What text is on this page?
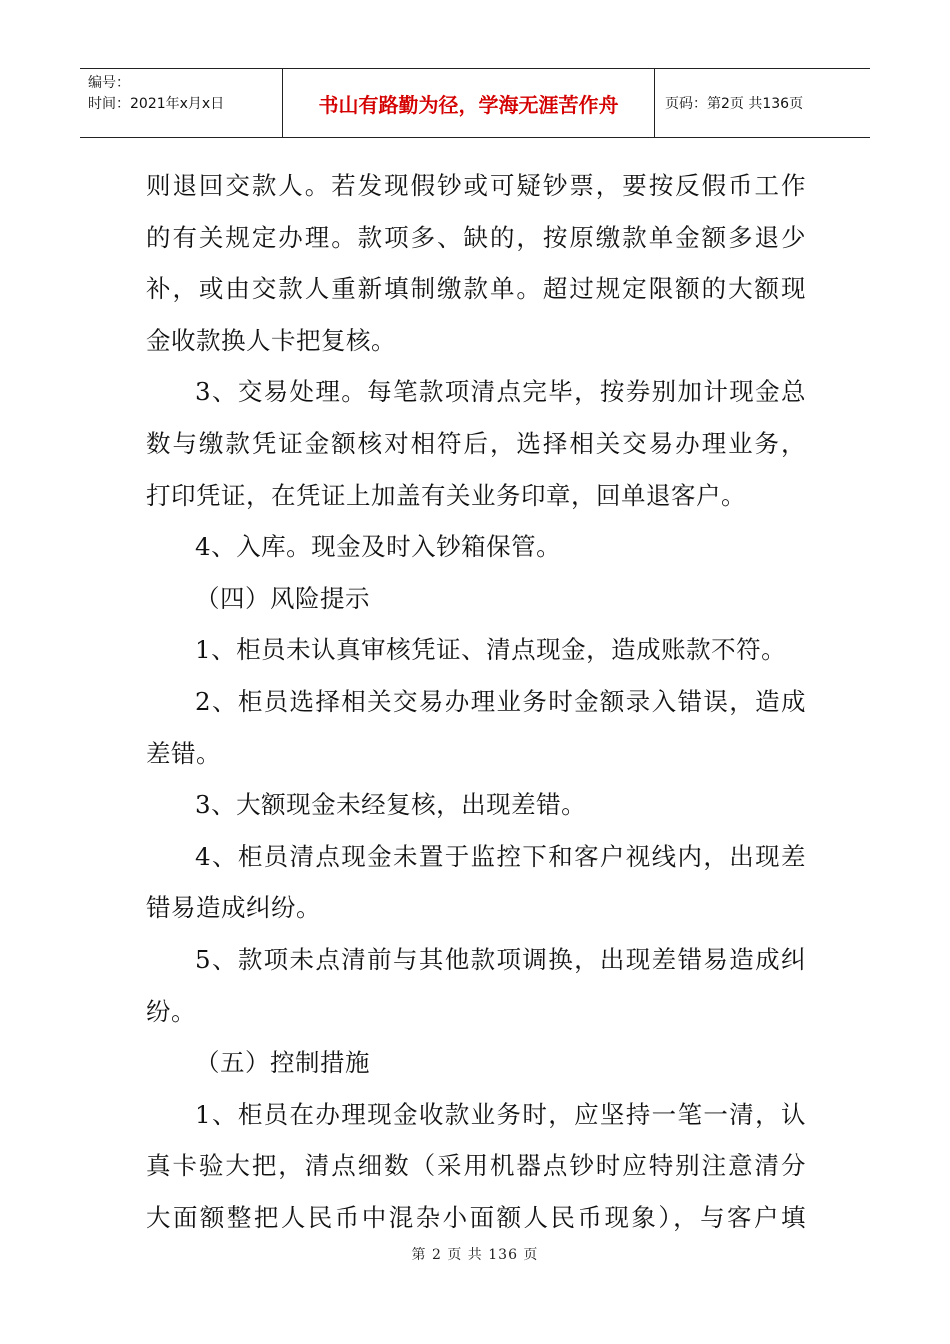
编号：
时间：2021年x月x日	书山有路勤为径，学海无涯苦作舟	页码：第2页 共136页
则退回交款人。若发现假钞或可疑钞票，要按反假币工作
的有关规定办理。款项多、缺的，按原缴款单金额多退少
补，或由交款人重新填制缴款单。超过规定限额的大额现
金收款换人卡把复核。
3、交易处理。每笔款项清点完毕，按券别加计现金总
数与缴款凭证金额核对相符后，选择相关交易办理业务，
打印凭证，在凭证上加盖有关业务印章，回单退客户。
4、入库。现金及时入钞箱保管。
（四）风险提示
1、柜员未认真审核凭证、清点现金，造成账款不符。
2、柜员选择相关交易办理业务时金额录入错误，造成
差错。
3、大额现金未经复核，出现差错。
4、柜员清点现金未置于监控下和客户视线内，出现差
错易造成纠纷。
5、款项未点清前与其他款项调换，出现差错易造成纠
纷。
（五）控制措施
1、柜员在办理现金收款业务时，应坚持一笔一清，认
真卡验大把，清点细数（采用机器点钞时应特别注意清分
大面额整把人民币中混杂小面额人民币现象），与客户填
第 2 页 共 136 页
